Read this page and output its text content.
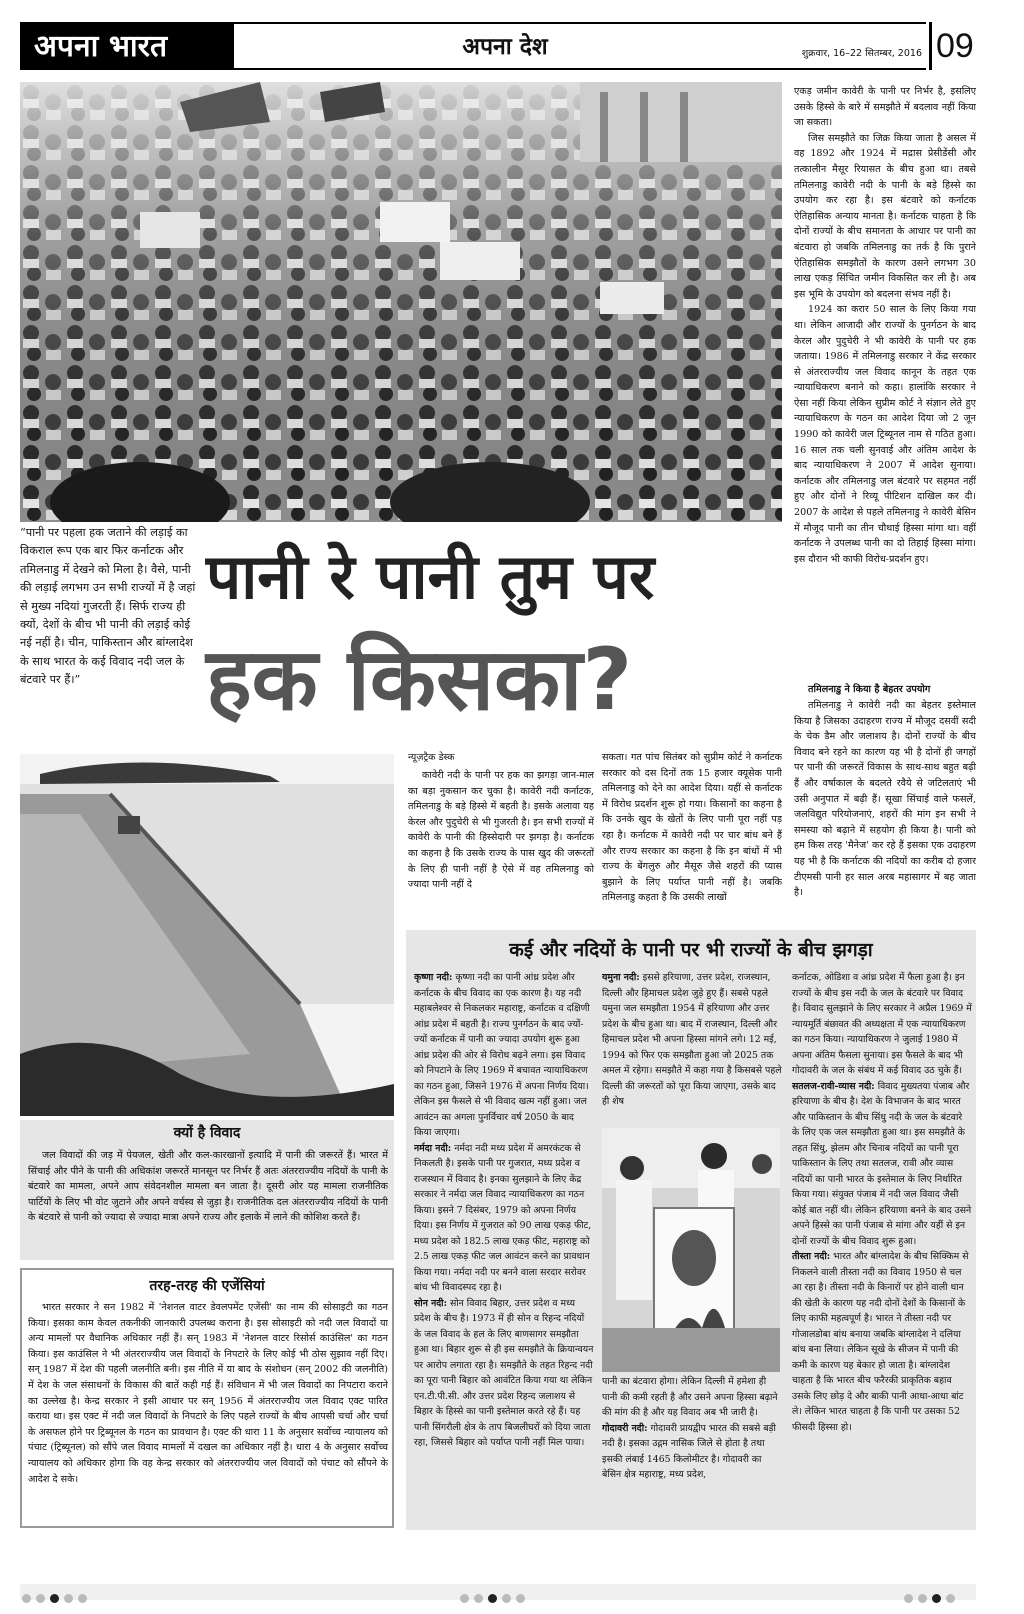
अपना भारत	अपना देश	शुक्रवार, 16–22 सितम्बर, 2016 09

एकड़ जमीन कावेरी के पानी पर निर्भर है, इसलिए उसके हिस्से के बारे में समझौते में बदलाव नहीं किया जा सकता।

जिस समझौते का जिक्र किया जाता है असल में वह 1892 और 1924 में मद्रास प्रेसीडेंसी और तत्कालीन मैसूर रियासत के बीच हुआ था। तबसे तमिलनाडु कावेरी नदी के पानी के बड़े हिस्से का उपयोग कर रहा है। इस बंटवारे को कर्नाटक ऐतिहासिक अन्याय मानता है। कर्नाटक चाहता है कि दोनों राज्यों के बीच समानता के आधार पर पानी का बंटवारा हो जबकि तमिलनाडु का तर्क है कि पुराने ऐतिहासिक समझौतों के कारण उसने लगभग 30 लाख एकड़ सिंचित जमीन विकसित कर ली है। अब इस भूमि के उपयोग को बदलना संभव नहीं है।

1924 का करार 50 साल के लिए किया गया था। लेकिन आजादी और राज्यों के पुनर्गठन के बाद केरल और पुदुचेरी ने भी कावेरी के पानी पर हक जताया। 1986 में तमिलनाडु सरकार ने केंद्र सरकार से अंतरराज्यीय जल विवाद कानून के तहत एक न्यायाधिकरण बनाने को कहा। हालांकि सरकार ने ऐसा नहीं किया लेकिन सुप्रीम कोर्ट ने संज्ञान लेते हुए न्यायाधिकरण के गठन का आदेश दिया जो 2 जून 1990 को कावेरी जल ट्रिब्यूनल नाम से गठित हुआ। 16 साल तक चली सुनवाई और अंतिम आदेश के बाद न्यायाधिकरण ने 2007 में आदेश सुनाया। कर्नाटक और तमिलनाडु जल बंटवारे पर सहमत नहीं हुए और दोनों ने रिव्यू पीटिशन दाखिल कर दी। 2007 के आदेश से पहले तमिलनाडु ने कावेरी बेसिन में मौजूद पानी का तीन चौथाई हिस्सा मांगा था। वहीं कर्नाटक ने उपलब्ध पानी का दो तिहाई हिस्सा मांगा। इस दौरान भी काफी विरोध-प्रदर्शन हुए।

तमिलनाडु ने किया है बेहतर उपयोग

तमिलनाडु ने कावेरी नदी का बेहतर इस्तेमाल किया है जिसका उदाहरण राज्य में मौजूद दसवीं सदी के चेक डैम और जलाशय है। दोनों राज्यों के बीच विवाद बने रहने का कारण यह भी है दोनों ही जगहों पर पानी की जरूरतें विकास के साथ-साथ बहुत बढ़ी हैं और वर्षाकाल के बदलते रवैये से जटिलताएं भी उसी अनुपात में बढ़ी हैं। सूखा सिंचाई वाले फसलें, जलविद्युत परियोजनाएं, शहरों की मांग इन सभी ने समस्या को बढ़ाने में सहयोग ही किया है। पानी को हम किस तरह 'मैनेज' कर रहे हैं इसका एक उदाहरण यह भी है कि कर्नाटक की नदियों का करीब दो हजार टीएमसी पानी हर साल अरब महासागर में बह जाता है।

“पानी पर पहला हक जताने की लड़ाई का विकराल रूप एक बार फिर कर्नाटक और तमिलनाडु में देखने को मिला है। वैसे, पानी की लड़ाई लगभग उन सभी राज्यों में है जहां से मुख्य नदियां गुजरती हैं। सिर्फ राज्य ही क्यों, देशों के बीच भी पानी की लड़ाई कोई नई नहीं है। चीन, पाकिस्तान और बांग्लादेश के साथ भारत के कई विवाद नदी जल के बंटवारे पर हैं।”
पानी रे पानी तुम पर
हक किसका?
क्यों है विवाद

जल विवादों की जड़ में पेयजल, खेती और कल-कारखानों इत्यादि में पानी की जरूरतें हैं। भारत में सिंचाई और पीने के पानी की अधिकांश जरूरतें मानसून पर निर्भर हैं अतः अंतरराज्यीय नदियों के पानी के बंटवारे का मामला, अपने आप संवेदनशील मामला बन जाता है। दूसरी ओर यह मामला राजनीतिक पार्टियों के लिए भी वोट जुटाने और अपने वर्चस्व से जुड़ा है। राजनीतिक दल अंतरराज्यीय नदियों के पानी के बंटवारे से पानी को ज्यादा से ज्यादा मात्रा अपने राज्य और इलाके में लाने की कोशिश करते हैं।

तरह-तरह की एजेंसियां

भारत सरकार ने सन 1982 में 'नेशनल वाटर डेवलपमेंट एजेंसी' का नाम की सोसाइटी का गठन किया। इसका काम केवल तकनीकी जानकारी उपलब्ध कराना है। इस सोसाइटी को नदी जल विवादों या अन्य मामलों पर वैधानिक अधिकार नहीं हैं। सन् 1983 में 'नेशनल वाटर रिसोर्स काउंसिल' का गठन किया। इस काउंसिल ने भी अंतरराज्यीय जल विवादों के निपटारे के लिए कोई भी ठोस सुझाव नहीं दिए। सन् 1987 में देश की पहली जलनीति बनी। इस नीति में या बाद के संशोधन (सन् 2002 की जलनीति) में देश के जल संसाधनों के विकास की बातें कही गई हैं। संविधान में भी जल विवादों का निपटारा कराने का उल्लेख है। केन्द्र सरकार ने इसी आधार पर सन् 1956 में अंतरराज्यीय जल विवाद एक्ट पारित कराया था। इस एक्ट में नदी जल विवादों के निपटारे के लिए पहले राज्यों के बीच आपसी चर्चा और चर्चा के असफल होने पर ट्रिब्यूनल के गठन का प्रावधान है। एक्ट की धारा 11 के अनुसार सर्वोच्च न्यायालय को पंचाट (ट्रिब्यूनल) को सौंपे जल विवाद मामलों में दखल का अधिकार नहीं है। धारा 4 के अनुसार सर्वोच्च न्यायालय को अधिकार होगा कि वह केन्द्र सरकार को अंतरराज्यीय जल विवादों को पंचाट को सौंपने के आदेश दे सके।

न्यूज़ट्रैक डेस्क

कावेरी नदी के पानी पर हक का झगड़ा जान-माल का बड़ा नुकसान कर चुका है। कावेरी नदी कर्नाटक, तमिलनाडु के बड़े हिस्से में बहती है। इसके अलावा यह केरल और पुदुचेरी से भी गुजरती है। इन सभी राज्यों में कावेरी के पानी की हिस्सेदारी पर झगड़ा है। कर्नाटक का कहना है कि उसके राज्य के पास खुद की जरूरतों के लिए ही पानी नहीं है ऐसे में वह तमिलनाडु को ज्यादा पानी नहीं दे

सकता। गत पांच सितंबर को सुप्रीम कोर्ट ने कर्नाटक सरकार को दस दिनों तक 15 हजार क्यूसेक पानी तमिलनाडु को देने का आदेश दिया। यहीं से कर्नाटक में विरोध प्रदर्शन शुरू हो गया। किसानों का कहना है कि उनके खुद के खेतों के लिए पानी पूरा नहीं पड़ रहा है। कर्नाटक में कावेरी नदी पर चार बांध बने हैं और राज्य सरकार का कहना है कि इन बांधों में भी राज्य के बेंगलुरु और मैसूरु जैसे शहरों की प्यास बुझाने के लिए पर्याप्त पानी नहीं है। जबकि तमिलनाडु कहता है कि उसकी लाखों

कई और नदियों के पानी पर भी राज्यों के बीच झगड़ा

कृष्णा नदी: कृष्णा नदी का पानी आंध्र प्रदेश और कर्नाटक के बीच विवाद का एक कारण है। यह नदी महाबलेश्वर से निकलकर महाराष्ट्र, कर्नाटक व दक्षिणी आंध्र प्रदेश में बहती है। राज्य पुनर्गठन के बाद ज्यों-ज्यों कर्नाटक में पानी का ज्यादा उपयोग शुरू हुआ आंध्र प्रदेश की ओर से विरोध बढ़ने लगा। इस विवाद को निपटाने के लिए 1969 में बचावत न्यायाधिकरण का गठन हुआ, जिसने 1976 में अपना निर्णय दिया। लेकिन इस फैसले से भी विवाद खत्म नहीं हुआ। जल आवंटन का अगला पुनर्विचार वर्ष 2050 के बाद किया जाएगा।

नर्मदा नदी: नर्मदा नदी मध्य प्रदेश में अमरकंटक से निकलती है। इसके पानी पर गुजरात, मध्य प्रदेश व राजस्थान में विवाद है। इनका सुलझाने के लिए केंद्र सरकार ने नर्मदा जल विवाद न्यायाधिकरण का गठन किया। इसने 7 दिसंबर, 1979 को अपना निर्णय दिया। इस निर्णय में गुजरात को 90 लाख एकड़ फीट, मध्य प्रदेश को 182.5 लाख एकड़ फीट, महाराष्ट्र को 2.5 लाख एकड़ फीट जल आवंटन करने का प्रावधान किया गया। नर्मदा नदी पर बनने वाला सरदार सरोवर बांध भी विवादस्पद रहा है।

सोन नदी: सोन विवाद बिहार, उत्तर प्रदेश व मध्य प्रदेश के बीच है। 1973 में ही सोन व रिहन्द नदियों के जल विवाद के हल के लिए बाणसागर समझौता हुआ था। बिहार शुरू से ही इस समझौते के क्रियान्वयन पर आरोप लगाता रहा है। समझौते के तहत रिहन्द नदी का पूरा पानी बिहार को आवंटित किया गया था लेकिन एन.टी.पी.सी. और उत्तर प्रदेश रिहन्द जलाशय से बिहार के हिस्से का पानी इस्तेमाल करते रहे हैं। यह पानी सिंगरौली क्षेत्र के ताप बिजलीघरों को दिया जाता रहा, जिससे बिहार को पर्याप्त पानी नहीं मिल पाया।

यमुना नदी: इससे हरियाणा, उत्तर प्रदेश, राजस्थान, दिल्ली और हिमाचल प्रदेश जुड़े हुए हैं। सबसे पहले यमुना जल समझौता 1954 में हरियाणा और उत्तर प्रदेश के बीच हुआ था। बाद में राजस्थान, दिल्ली और हिमाचल प्रदेश भी अपना हिस्सा मांगने लगे। 12 मई, 1994 को फिर एक समझौता हुआ जो 2025 तक अमल में रहेगा। समझौते में कहा गया है किसबसे पहले दिल्ली की जरूरतों को पूरा किया जाएगा, उसके बाद ही शेष

पानी का बंटवारा होगा। लेकिन दिल्ली में हमेशा ही पानी की कमी रहती है और उसने अपना हिस्सा बढ़ाने की मांग की है और यह विवाद अब भी जारी है।

गोदावरी नदी: गोदावरी प्रायद्वीप भारत की सबसे बड़ी नदी है। इसका उद्गम नासिक जिले से होता है तथा इसकी लंबाई 1465 किलोमीटर है। गोदावरी का बेसिन क्षेत्र महाराष्ट्र, मध्य प्रदेश,

कर्नाटक, ओडिशा व आंध्र प्रदेश में फैला हुआ है। इन राज्यों के बीच इस नदी के जल के बंटवारे पर विवाद है। विवाद सुलझाने के लिए सरकार ने अप्रैल 1969 में न्यायमूर्ति बंछावत की अध्यक्षता में एक न्यायाधिकरण का गठन किया। न्यायाधिकरण ने जुलाई 1980 में अपना अंतिम फैसला सुनाया। इस फैसले के बाद भी गोदावरी के जल के संबंध में कई विवाद उठ चुके हैं।

सतलज-रावी-व्यास नदी: विवाद मुख्यतया पंजाब और हरियाणा के बीच है। देश के विभाजन के बाद भारत और पाकिस्तान के बीच सिंधु नदी के जल के बंटवारे के लिए एक जल समझौता हुआ था। इस समझौते के तहत सिंधु, झेलम और चिनाब नदियों का पानी पूरा पाकिस्तान के लिए तथा सतलज, रावी और व्यास नदियों का पानी भारत के इस्तेमाल के लिए निर्धारित किया गया। संयुक्त पंजाब में नदी जल विवाद जैसी कोई बात नहीं थी। लेकिन हरियाणा बनने के बाद उसने अपने हिस्से का पानी पंजाब से मांगा और यहीं से इन दोनों राज्यों के बीच विवाद शुरू हुआ।

तीस्ता नदी: भारत और बांग्लादेश के बीच सिक्किम से निकलने वाली तीस्ता नदी का विवाद 1950 से चल आ रहा है। तीस्ता नदी के किनारों पर होने वाली धान की खेती के कारण यह नदी दोनों देशों के किसानों के लिए काफी महत्वपूर्ण है। भारत ने तीस्ता नदी पर गोजालडोबा बांध बनाया जबकि बांग्लादेश ने दलिया बांध बना लिया। लेकिन सूखे के सीजन में पानी की कमी के कारण यह बेकार हो जाता है। बांग्लादेश चाहता है कि भारत बीच फरैरकी प्राकृतिक बहाव उसके लिए छोड़ दे और बाकी पानी आधा-आधा बांट ले। लेकिन भारत चाहता है कि पानी पर उसका 52 फीसदी हिस्सा हो।
